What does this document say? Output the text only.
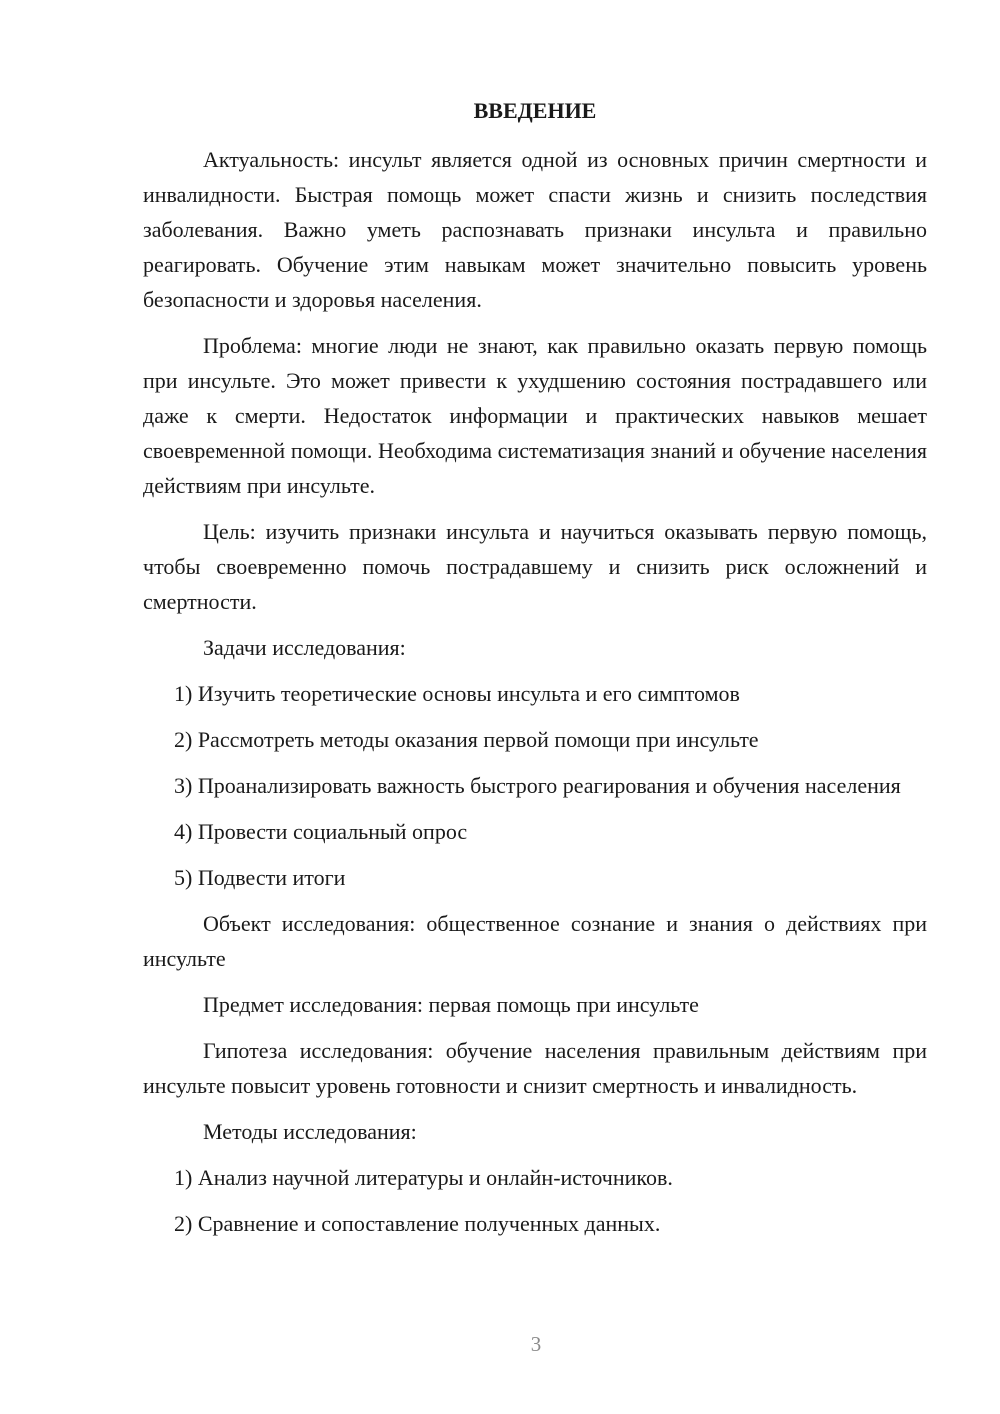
ВВЕДЕНИЕ

Актуальность: инсульт является одной из основных причин смертности и инвалидности. Быстрая помощь может спасти жизнь и снизить последствия заболевания. Важно уметь распознавать признаки инсульта и правильно реагировать. Обучение этим навыкам может значительно повысить уровень безопасности и здоровья населения.

Проблема: многие люди не знают, как правильно оказать первую помощь при инсульте. Это может привести к ухудшению состояния пострадавшего или даже к смерти. Недостаток информации и практических навыков мешает своевременной помощи. Необходима систематизация знаний и обучение населения действиям при инсульте.

Цель: изучить признаки инсульта и научиться оказывать первую помощь, чтобы своевременно помочь пострадавшему и снизить риск осложнений и смертности.

Задачи исследования:

1) Изучить теоретические основы инсульта и его симптомов

2) Рассмотреть методы оказания первой помощи при инсульте

3) Проанализировать важность быстрого реагирования и обучения населения

4) Провести социальный опрос

5) Подвести итоги

Объект исследования: общественное сознание и знания о действиях при инсульте

Предмет исследования: первая помощь при инсульте

Гипотеза исследования: обучение населения правильным действиям при инсульте повысит уровень готовности и снизит смертность и инвалидность.

Методы исследования:

1) Анализ научной литературы и онлайн-источников.

2) Сравнение и сопоставление полученных данных.

3
